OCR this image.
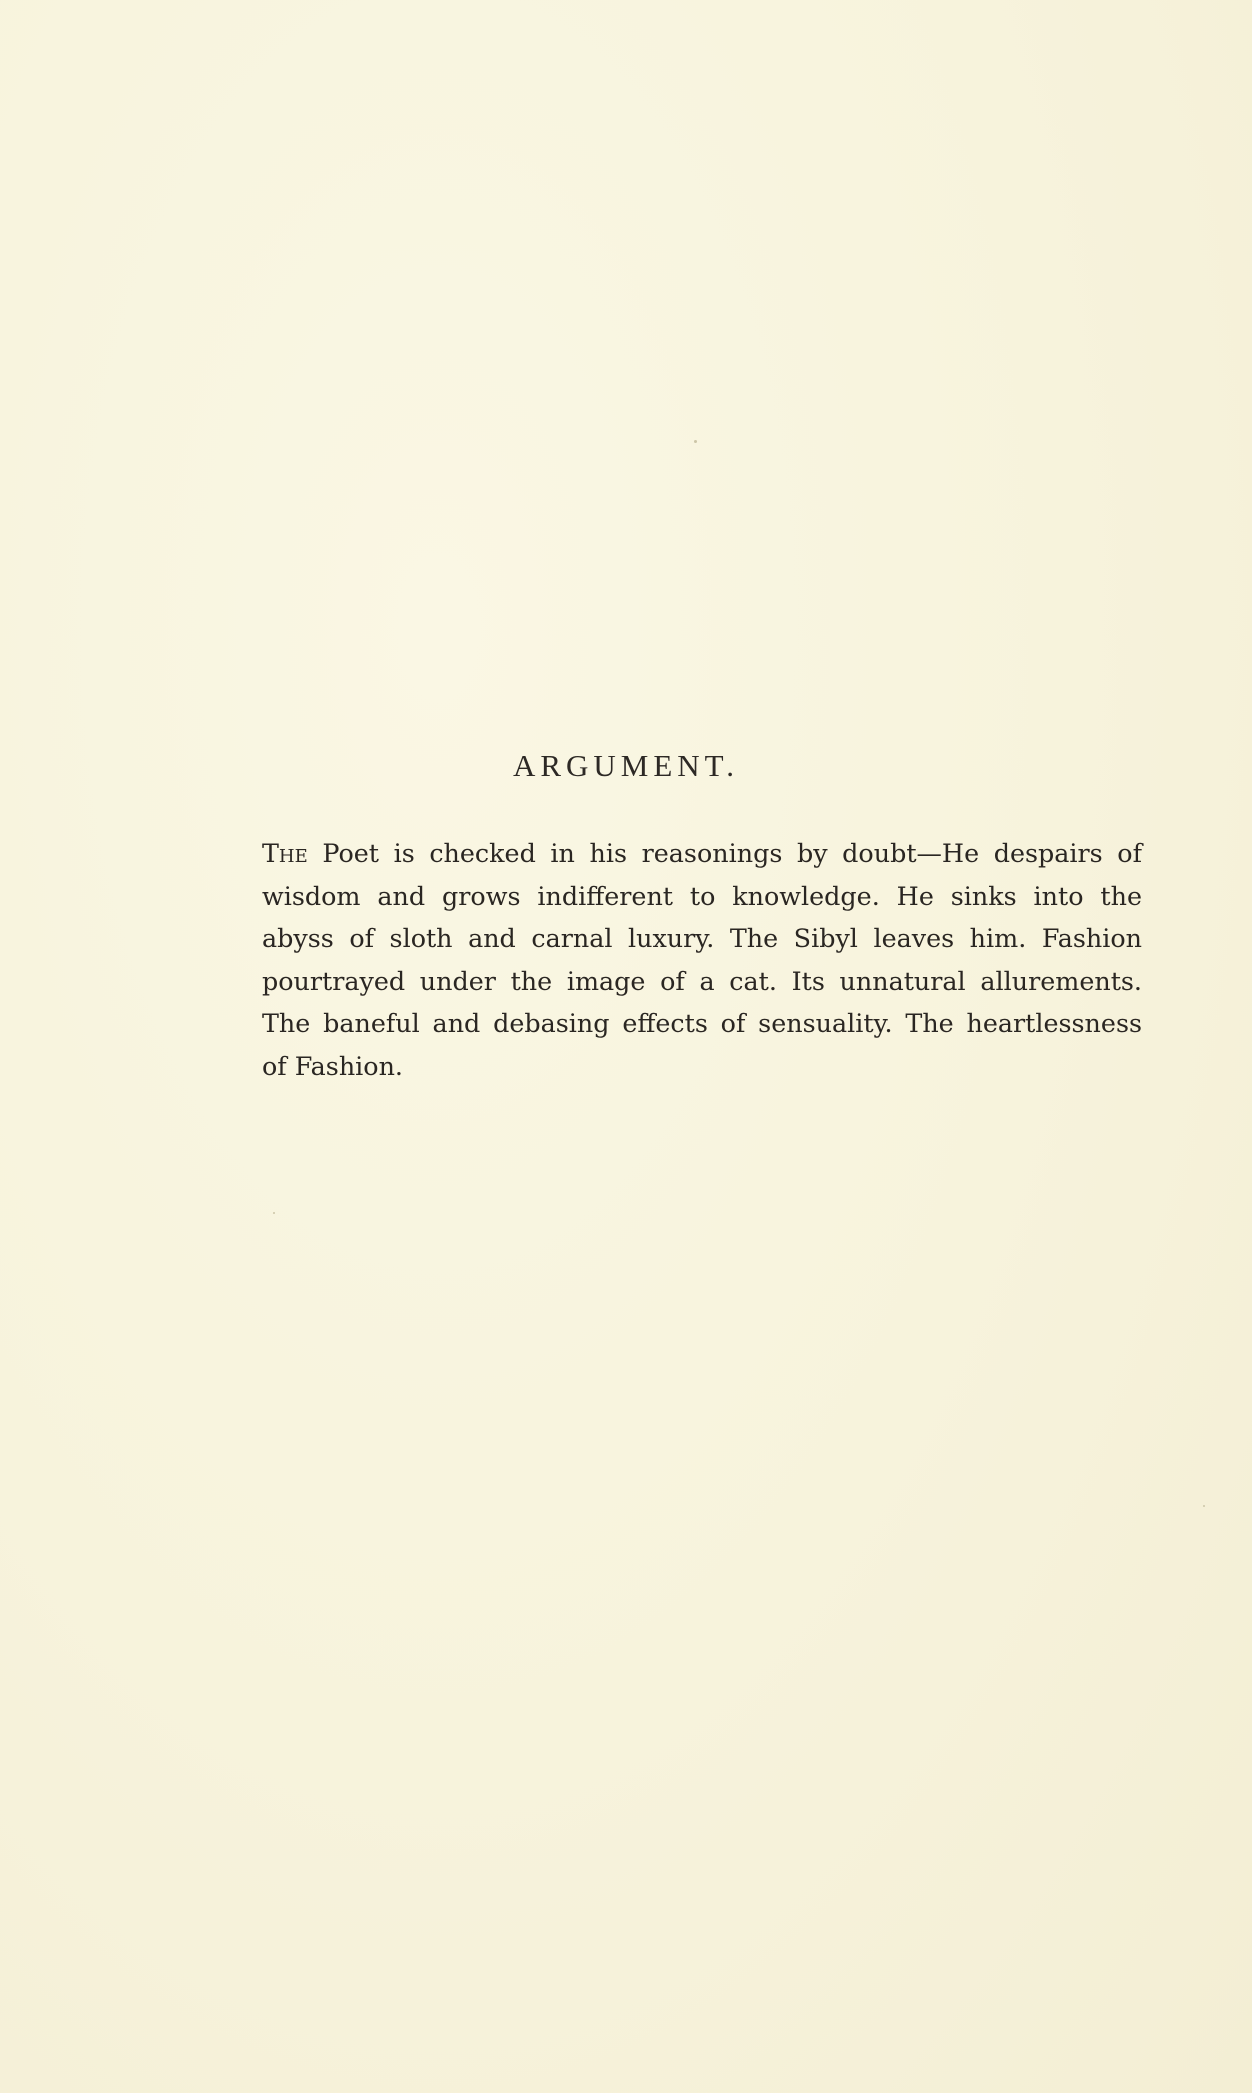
ARGUMENT.
The Poet is checked in his reasonings by doubt—He despairs of
wisdom and grows indifferent to knowledge. He sinks into the
abyss of sloth and carnal luxury. The Sibyl leaves him. Fashion
pourtrayed under the image of a cat. Its unnatural allurements.
The baneful and debasing effects of sensuality. The heartlessness
of Fashion.
